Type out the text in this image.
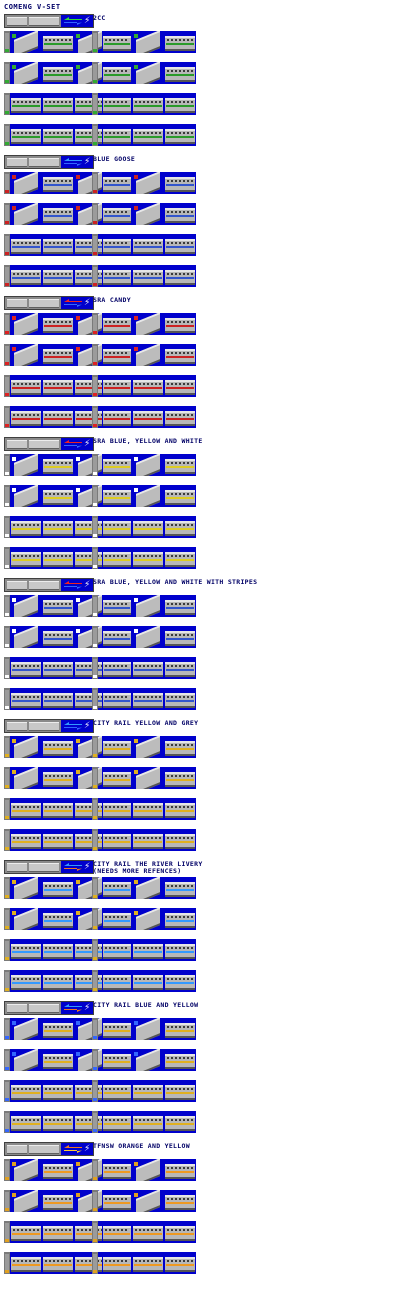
COMENG V-SET
⚡ 2CC
⚡ BLUE GOOSE
⚡ SRA CANDY
⚡ SRA BLUE, YELLOW AND WHITE
⚡ SRA BLUE, YELLOW AND WHITE WITH STRIPES
⚡ CITY RAIL YELLOW AND GREY
⚡ CITY RAIL THE RIVER LIVERY
(NEEDS MORE REFENCES)
⚡ CITY RAIL BLUE AND YELLOW
⚡ TFNSW ORANGE AND YELLOW
